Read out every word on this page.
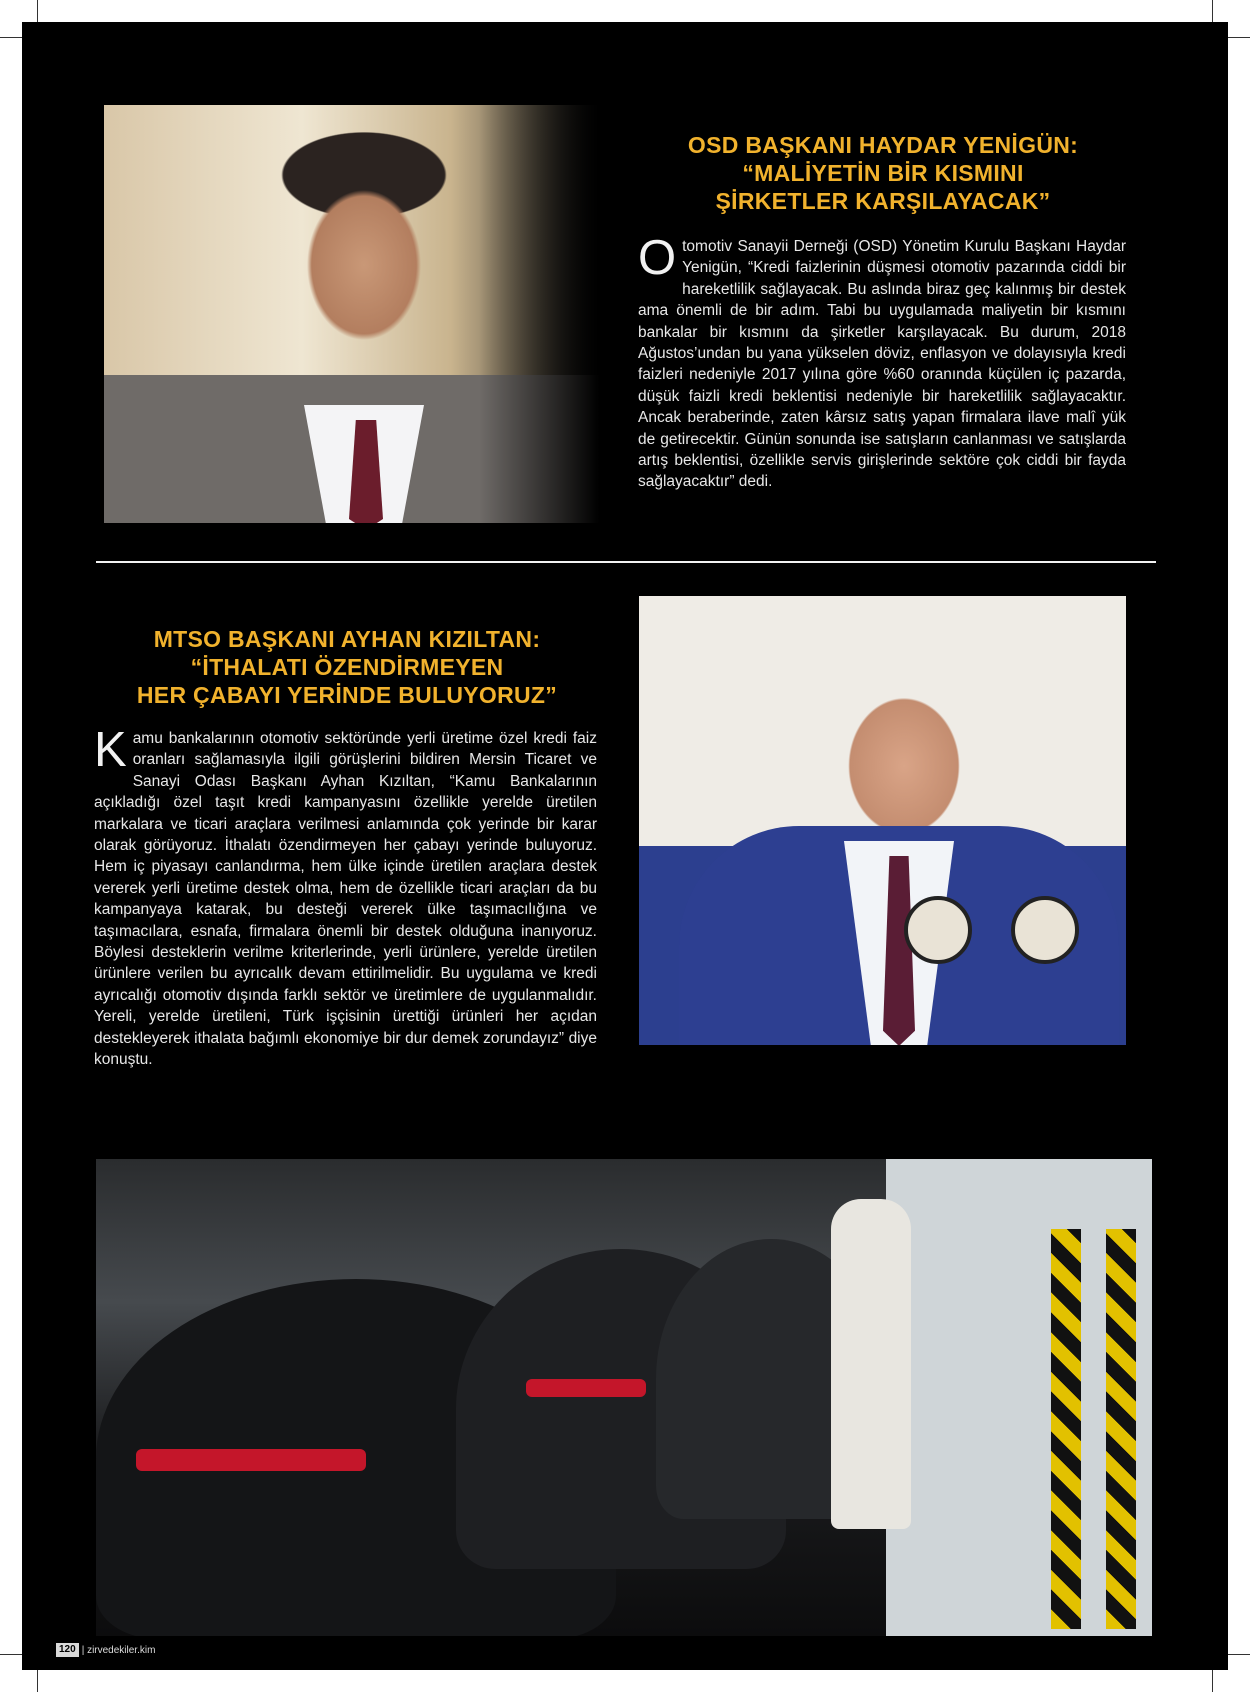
OSD BAŞKANI HAYDAR YENİGÜN:
“MALİYETİN BİR KISMINI
ŞİRKETLER KARŞILAYACAK”
Otomotiv Sanayii Derneği (OSD) Yönetim Kurulu Başkanı Haydar Yenigün, “Kredi faizlerinin düşmesi otomotiv pazarında ciddi bir hareketlilik sağlayacak. Bu aslında biraz geç kalınmış bir destek ama önemli de bir adım. Tabi bu uygulamada maliyetin bir kısmını bankalar bir kısmını da şirketler karşılayacak. Bu durum, 2018 Ağustos’undan bu yana yükselen döviz, enflasyon ve dolayısıyla kredi faizleri nedeniyle 2017 yılına göre %60 oranında küçülen iç pazarda, düşük faizli kredi beklentisi nedeniyle bir hareketlilik sağlayacaktır. Ancak beraberinde, zaten kârsız satış yapan firmalara ilave malî yük de getirecektir. Günün sonunda ise satışların canlanması ve satışlarda artış beklentisi, özellikle servis girişlerinde sektöre çok ciddi bir fayda sağlayacaktır” dedi.
MTSO BAŞKANI AYHAN KIZILTAN:
“İTHALATI ÖZENDİRMEYEN
HER ÇABAYI YERİNDE BULUYORUZ”
Kamu bankalarının otomotiv sektöründe yerli üretime özel kredi faiz oranları sağlamasıyla ilgili görüşlerini bildiren Mersin Ticaret ve Sanayi Odası Başkanı Ayhan Kızıltan, “Kamu Bankalarının açıkladığı özel taşıt kredi kampanyasını özellikle yerelde üretilen markalara ve ticari araçlara verilmesi anlamında çok yerinde bir karar olarak görüyoruz. İthalatı özendirmeyen her çabayı yerinde buluyoruz. Hem iç piyasayı canlandırma, hem ülke içinde üretilen araçlara destek vererek yerli üretime destek olma, hem de özellikle ticari araçları da bu kampanyaya katarak, bu desteği vererek ülke taşımacılığına ve taşımacılara, esnafa, firmalara önemli bir destek olduğuna inanıyoruz. Böylesi desteklerin verilme kriterlerinde, yerli ürünlere, yerelde üretilen ürünlere verilen bu ayrıcalık devam ettirilmelidir. Bu uygulama ve kredi ayrıcalığı otomotiv dışında farklı sektör ve üretimlere de uygulanmalıdır. Yereli, yerelde üretileni, Türk işçisinin ürettiği ürünleri her açıdan destekleyerek ithalata bağımlı ekonomiye bir dur demek zorundayız” diye konuştu.
120 | zirvedekiler.kim
